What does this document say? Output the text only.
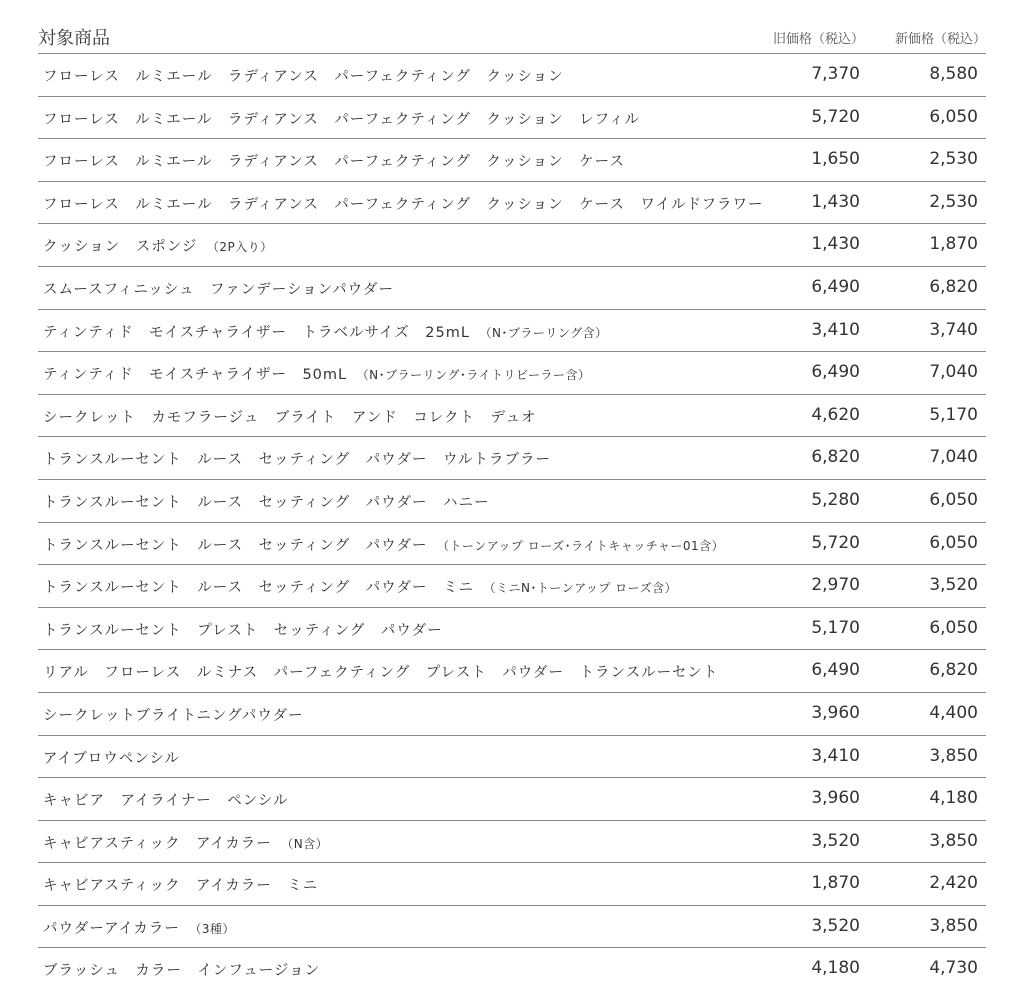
対象商品	旧価格（税込） 新価格（税込）
フローレス　ルミエール　ラディアンス　パーフェクティング　クッション	7,370	8,580
フローレス　ルミエール　ラディアンス　パーフェクティング　クッション　レフィル	5,720	6,050
フローレス　ルミエール　ラディアンス　パーフェクティング　クッション　ケース	1,650	2,530
フローレス　ルミエール　ラディアンス　パーフェクティング　クッション　ケース　ワイルドフラワー	1,430	2,530
クッション　スポンジ　（2P入り）	1,430	1,870
スムースフィニッシュ　ファンデーションパウダー	6,490	6,820
ティンティド　モイスチャライザー　トラベルサイズ　25mL　（N･ブラーリング含）	3,410	3,740
ティンティド　モイスチャライザー　50mL　（N･ブラーリング･ライトリビーラー含）	6,490	7,040
シークレット　カモフラージュ　ブライト　アンド　コレクト　デュオ	4,620	5,170
トランスルーセント　ルース　セッティング　パウダー　ウルトラブラー	6,820	7,040
トランスルーセント　ルース　セッティング　パウダー　ハニー	5,280	6,050
トランスルーセント　ルース　セッティング　パウダー　（トーンアップ ローズ･ライトキャッチャー01含）	5,720	6,050
トランスルーセント　ルース　セッティング　パウダー　ミニ　（ミニN･トーンアップ ローズ含）	2,970	3,520
トランスルーセント　プレスト　セッティング　パウダー	5,170	6,050
リアル　フローレス　ルミナス　パーフェクティング　プレスト　パウダー　トランスルーセント	6,490	6,820
シークレットブライトニングパウダー	3,960	4,400
アイブロウペンシル	3,410	3,850
キャビア　アイライナー　ペンシル	3,960	4,180
キャビアスティック　アイカラー　（N含）	3,520	3,850
キャビアスティック　アイカラー　ミニ	1,870	2,420
パウダーアイカラー　（3種）	3,520	3,850
ブラッシュ　カラー　インフュージョン	4,180	4,730
